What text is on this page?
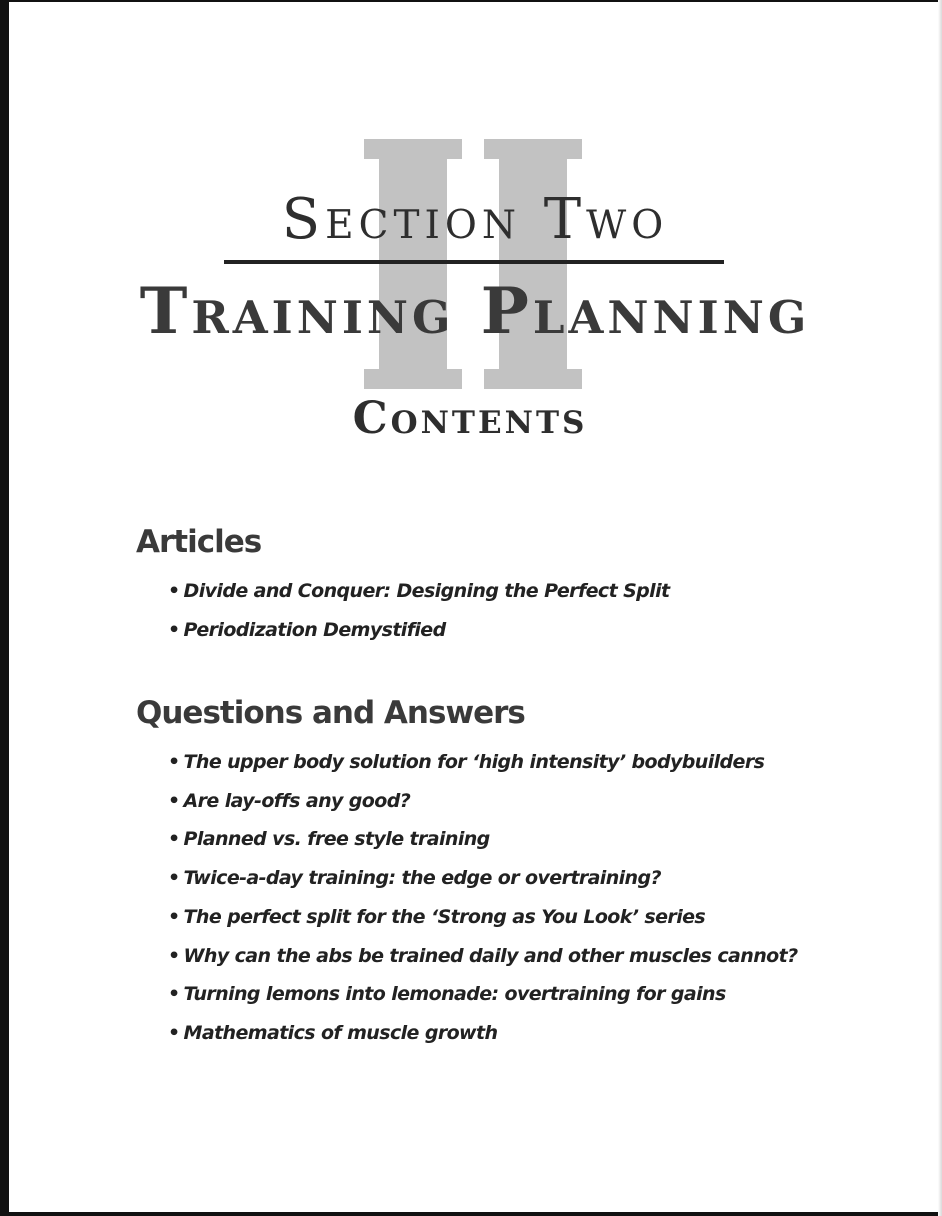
Section Two
Training Planning
Contents
Articles
• Divide and Conquer: Designing the Perfect Split
• Periodization Demystified
Questions and Answers
• The upper body solution for ‘high intensity’ bodybuilders
• Are lay-offs any good?
• Planned vs. free style training
• Twice-a-day training: the edge or overtraining?
• The perfect split for the ‘Strong as You Look’ series
• Why can the abs be trained daily and other muscles cannot?
• Turning lemons into lemonade: overtraining for gains
• Mathematics of muscle growth
